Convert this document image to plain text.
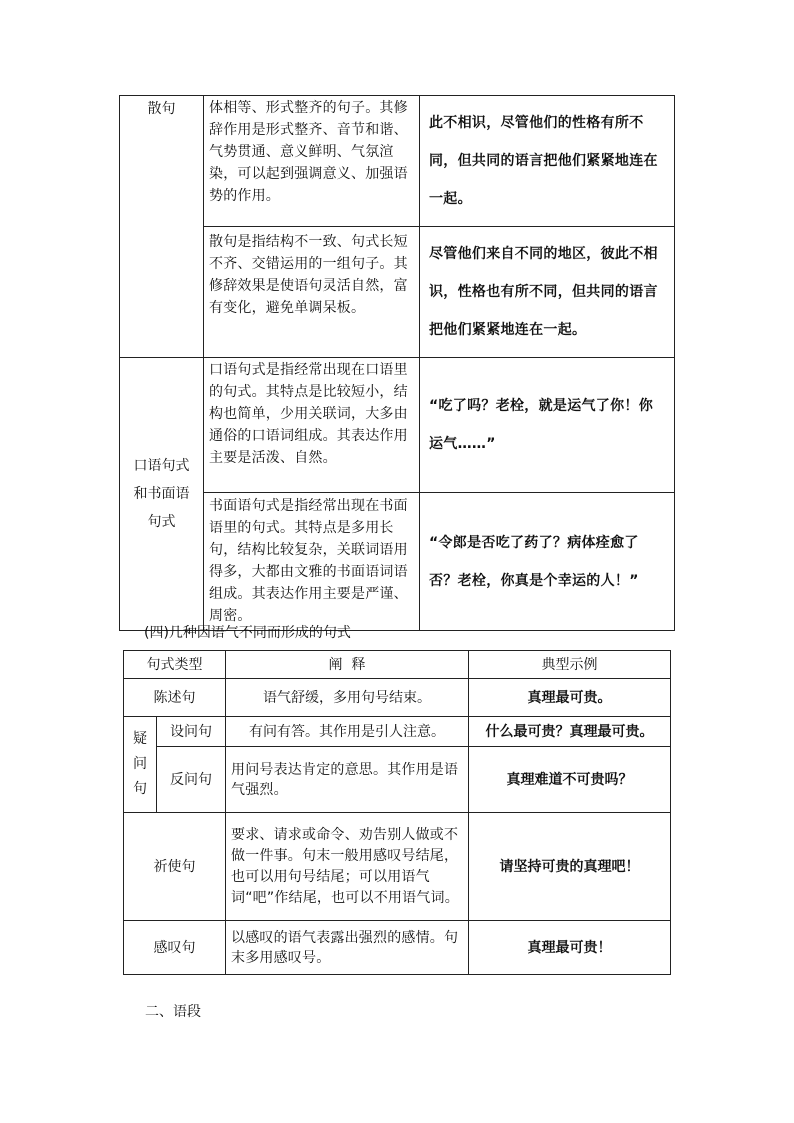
散句	体相等、形式整齐的句子。其修辞作用是形式整齐、音节和谐、气势贯通、意义鲜明、气氛渲染，可以起到强调意义、加强语势的作用。	此不相识，尽管他们的性格有所不同，但共同的语言把他们紧紧地连在一起。
	散句是指结构不一致、句式长短不齐、交错运用的一组句子。其修辞效果是使语句灵活自然，富有变化，避免单调呆板。	尽管他们来自不同的地区，彼此不相识，性格也有所不同，但共同的语言把他们紧紧地连在一起。
口语句式和书面语句式	口语句式是指经常出现在口语里的句式。其特点是比较短小，结构也简单，少用关联词，大多由通俗的口语词组成。其表达作用主要是活泼、自然。	“吃了吗？老栓，就是运气了你！你运气……”
	书面语句式是指经常出现在书面语里的句式。其特点是多用长句，结构比较复杂，关联词语用得多，大都由文雅的书面语词语组成。其表达作用主要是严谨、周密。	“令郎是否吃了药了？病体痊愈了否？老栓，你真是个幸运的人！”
(四)几种因语气不同而形成的句式
句式类型		阐  释	典型示例
陈述句		语气舒缓，多用句号结束。	真理最可贵。

疑
问
句	设问句	有问有答。其作用是引人注意。	什么最可贵？真理最可贵。
	反问句	用问号表达肯定的意思。其作用是语气强烈。	真理难道不可贵吗？
祈使句		要求、请求或命令、劝告别人做或不做一件事。句末一般用感叹号结尾，也可以用句号结尾；可以用语气词“吧”作结尾，也可以不用语气词。	请坚持可贵的真理吧！
感叹句		以感叹的语气表露出强烈的感情。句末多用感叹号。	真理最可贵！
二、语段
